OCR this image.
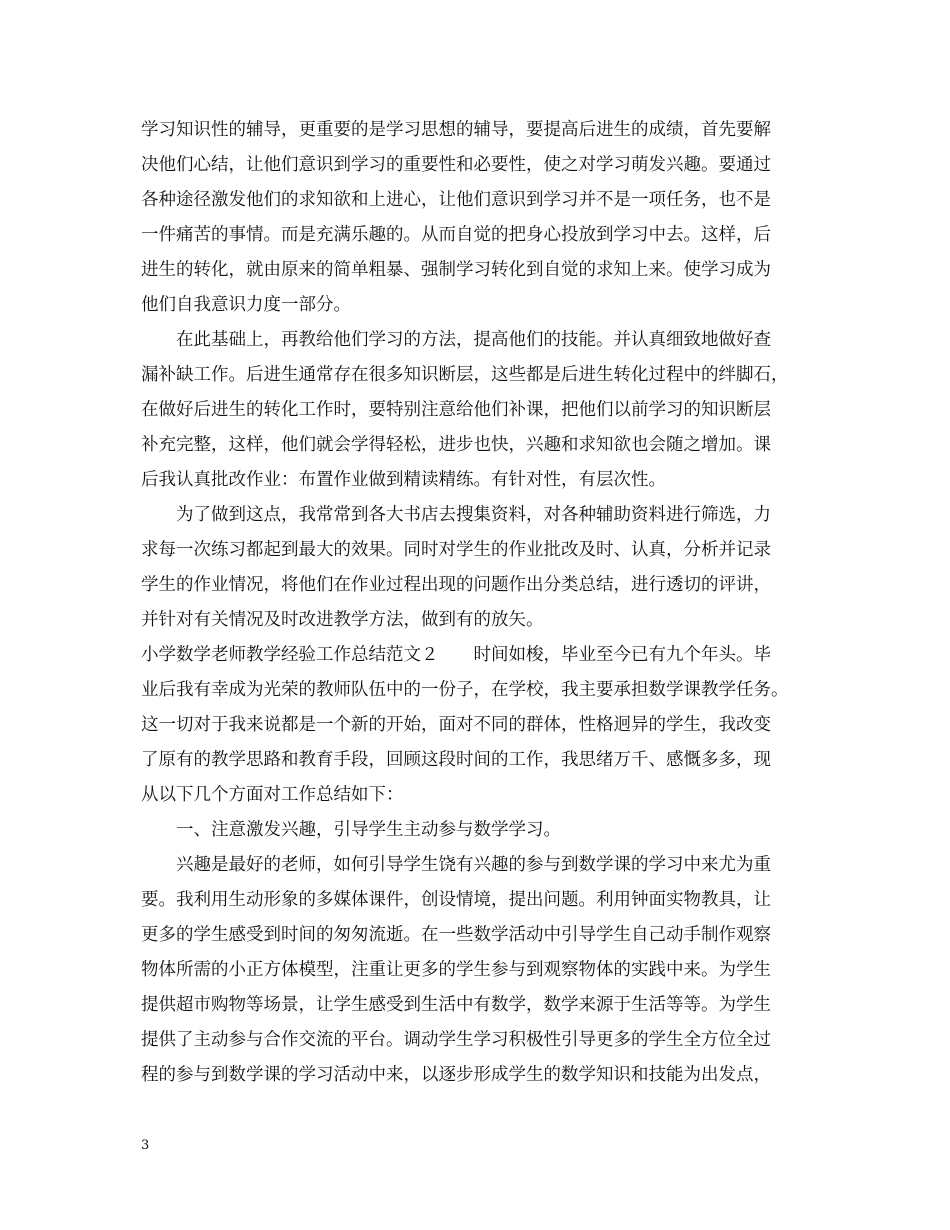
学习知识性的辅导，更重要的是学习思想的辅导，要提高后进生的成绩，首先要解
决他们心结，让他们意识到学习的重要性和必要性，使之对学习萌发兴趣。要通过
各种途径激发他们的求知欲和上进心，让他们意识到学习并不是一项任务，也不是
一件痛苦的事情。而是充满乐趣的。从而自觉的把身心投放到学习中去。这样，后
进生的转化，就由原来的简单粗暴、强制学习转化到自觉的求知上来。使学习成为
他们自我意识力度一部分。
　　在此基础上，再教给他们学习的方法，提高他们的技能。并认真细致地做好查
漏补缺工作。后进生通常存在很多知识断层，这些都是后进生转化过程中的绊脚石，
在做好后进生的转化工作时，要特别注意给他们补课，把他们以前学习的知识断层
补充完整，这样，他们就会学得轻松，进步也快，兴趣和求知欲也会随之增加。课
后我认真批改作业：布置作业做到精读精练。有针对性，有层次性。
　　为了做到这点，我常常到各大书店去搜集资料，对各种辅助资料进行筛选，力
求每一次练习都起到最大的效果。同时对学生的作业批改及时、认真，分析并记录
学生的作业情况，将他们在作业过程出现的问题作出分类总结，进行透切的评讲，
并针对有关情况及时改进教学方法，做到有的放矢。
小学数学老师教学经验工作总结范文２　　时间如梭，毕业至今已有九个年头。毕
业后我有幸成为光荣的教师队伍中的一份子，在学校，我主要承担数学课教学任务。
这一切对于我来说都是一个新的开始，面对不同的群体，性格迥异的学生，我改变
了原有的教学思路和教育手段，回顾这段时间的工作，我思绪万千、感慨多多，现
从以下几个方面对工作总结如下：
　　一、注意激发兴趣，引导学生主动参与数学学习。
　　兴趣是最好的老师，如何引导学生饶有兴趣的参与到数学课的学习中来尤为重
要。我利用生动形象的多媒体课件，创设情境，提出问题。利用钟面实物教具，让
更多的学生感受到时间的匆匆流逝。在一些数学活动中引导学生自己动手制作观察
物体所需的小正方体模型，注重让更多的学生参与到观察物体的实践中来。为学生
提供超市购物等场景，让学生感受到生活中有数学，数学来源于生活等等。为学生
提供了主动参与合作交流的平台。调动学生学习积极性引导更多的学生全方位全过
程的参与到数学课的学习活动中来，以逐步形成学生的数学知识和技能为出发点，
3
